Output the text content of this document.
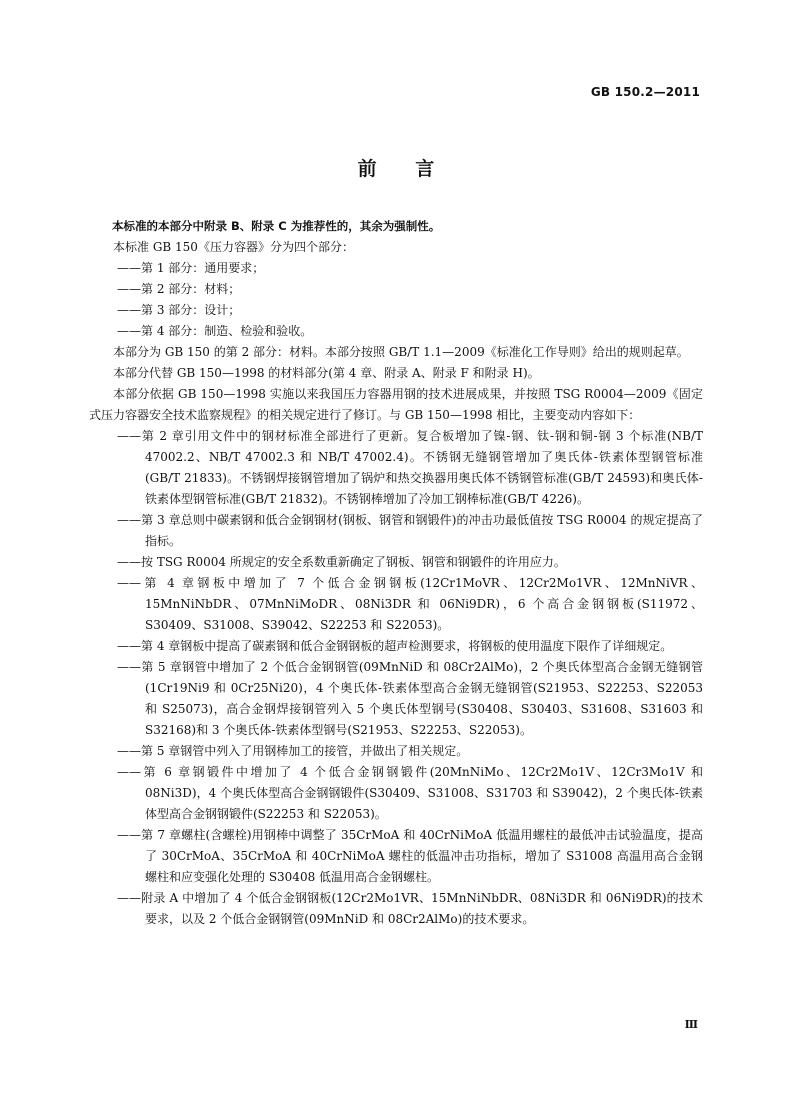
GB 150.2—2011
前　　言

本标准的本部分中附录 B、附录 C 为推荐性的，其余为强制性。

本标准 GB 150《压力容器》分为四个部分：

——第 1 部分：通用要求；

——第 2 部分：材料；

——第 3 部分：设计；

——第 4 部分：制造、检验和验收。

本部分为 GB 150 的第 2 部分：材料。本部分按照 GB/T 1.1—2009《标准化工作导则》给出的规则起草。

本部分代替 GB 150—1998 的材料部分(第 4 章、附录 A、附录 F 和附录 H)。

本部分依据 GB 150—1998 实施以来我国压力容器用钢的技术进展成果，并按照 TSG R0004—2009《固定式压力容器安全技术监察规程》的相关规定进行了修订。与 GB 150—1998 相比，主要变动内容如下：

——第 2 章引用文件中的钢材标准全部进行了更新。复合板增加了镍-钢、钛-钢和铜-钢 3 个标准(NB/T 47002.2、NB/T 47002.3 和 NB/T 47002.4)。不锈钢无缝钢管增加了奥氏体-铁素体型钢管标准(GB/T 21833)。不锈钢焊接钢管增加了锅炉和热交换器用奥氏体不锈钢管标准(GB/T 24593)和奥氏体-铁素体型钢管标准(GB/T 21832)。不锈钢棒增加了冷加工钢棒标准(GB/T 4226)。

——第 3 章总则中碳素钢和低合金钢钢材(钢板、钢管和钢锻件)的冲击功最低值按 TSG R0004 的规定提高了指标。

——按 TSG R0004 所规定的安全系数重新确定了钢板、钢管和钢锻件的许用应力。

——第 4 章钢板中增加了 7 个低合金钢钢板(12Cr1MoVR、12Cr2Mo1VR、12MnNiVR、15MnNiNbDR、07MnNiMoDR、08Ni3DR 和 06Ni9DR)，6 个高合金钢钢板(S11972、S30409、S31008、S39042、S22253 和 S22053)。

——第 4 章钢板中提高了碳素钢和低合金钢钢板的超声检测要求，将钢板的使用温度下限作了详细规定。

——第 5 章钢管中增加了 2 个低合金钢钢管(09MnNiD 和 08Cr2AlMo)，2 个奥氏体型高合金钢无缝钢管(1Cr19Ni9 和 0Cr25Ni20)，4 个奥氏体-铁素体型高合金钢无缝钢管(S21953、S22253、S22053 和 S25073)，高合金钢焊接钢管列入 5 个奥氏体型钢号(S30408、S30403、S31608、S31603 和 S32168)和 3 个奥氏体-铁素体型钢号(S21953、S22253、S22053)。

——第 5 章钢管中列入了用钢棒加工的接管，并做出了相关规定。

——第 6 章钢锻件中增加了 4 个低合金钢钢锻件(20MnNiMo、12Cr2Mo1V、12Cr3Mo1V 和 08Ni3D)，4 个奥氏体型高合金钢钢锻件(S30409、S31008、S31703 和 S39042)，2 个奥氏体-铁素体型高合金钢钢锻件(S22253 和 S22053)。

——第 7 章螺柱(含螺栓)用钢棒中调整了 35CrMoA 和 40CrNiMoA 低温用螺柱的最低冲击试验温度，提高了 30CrMoA、35CrMoA 和 40CrNiMoA 螺柱的低温冲击功指标，增加了 S31008 高温用高合金钢螺柱和应变强化处理的 S30408 低温用高合金钢螺柱。

——附录 A 中增加了 4 个低合金钢钢板(12Cr2Mo1VR、15MnNiNbDR、08Ni3DR 和 06Ni9DR)的技术要求，以及 2 个低合金钢钢管(09MnNiD 和 08Cr2AlMo)的技术要求。

Ⅲ
